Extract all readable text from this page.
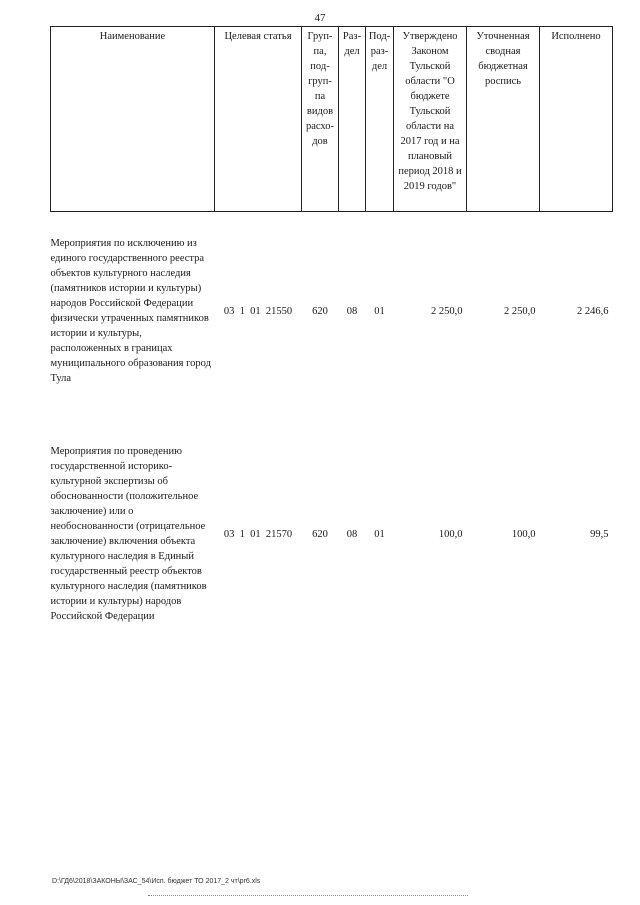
47
Наименование	Целевая статья	Груп-па, под-груп-па видов расхо-дов	Раз-дел	Под-раз-дел	Утверждено Законом Тульской области "О бюджете Тульской области на 2017 год и на плановый период 2018 и 2019 годов"	Уточненная сводная бюджетная роспись	Исполнено
Мероприятия по исключению из единого государственного реестра объектов культурного наследия (памятников истории и культуры) народов Российской Федерации физически утраченных памятников истории и культуры, расположенных в границах муниципального образования город Тула	03  1  01  21550	620	08	01	2 250,0	2 250,0	2 246,6
Мероприятия по проведению государственной историко-культурной экспертизы об обоснованности (положительное заключение) или о необоснованности (отрицательное заключение) включения объекта культурного наследия в Единый государственный реестр объектов культурного наследия (памятников истории и культуры) народов Российской Федерации	03  1  01  21570	620	08	01	100,0	100,0	99,5
D:\ГД6\2018\ЗАКОНЫ\ЗАС_54\Исп. бюджет ТО 2017_2 чт\pr6.xls
